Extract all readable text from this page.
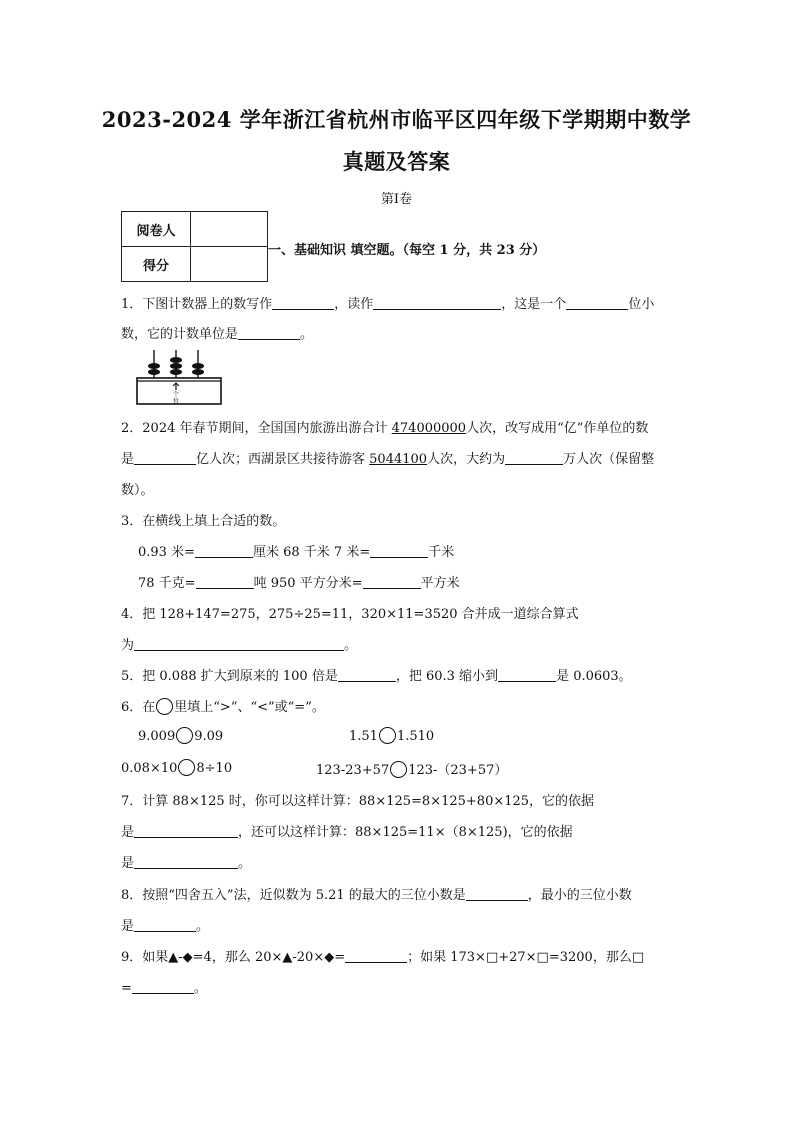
2023-2024 学年浙江省杭州市临平区四年级下学期期中数学
真题及答案
第Ⅰ卷
阅卷人	
得分	
一、基础知识 填空题。（每空 1 分，共 23 分）
1．下图计数器上的数写作	，读作	，这是一个	位小
数，它的计数单位是	。
个
位
2．2024 年春节期间，全国国内旅游出游合计 474000000人次，改写成用“亿”作单位的数
是	亿人次；西湖景区共接待游客 5044100人次，大约为	万人次（保留整
数）。
3．在横线上填上合适的数。
0.93 米=	厘米 68 千米 7 米=	千米
78 千克=	吨 950 平方分米=	平方米
4．把 128+147=275，275÷25=11，320×11=3520 合并成一道综合算式
为	。
5．把 0.088 扩大到原来的 100 倍是	，把 60.3 缩小到	是 0.0603。
6．在 里填上“>”、“<”或“=”。
9.009 9.09	1.51 1.510
0.08×10 8÷10	123-23+57 123-（23+57）
7．计算 88×125 时，你可以这样计算：88×125=8×125+80×125，它的依据
是	，还可以这样计算：88×125=11×（8×125)，它的依据
是	。
8．按照“四舍五入”法，近似数为 5.21 的最大的三位小数是	，最小的三位小数
是	。
9．如果▲-◆=4，那么 20×▲-20×◆=	；如果 173×□+27×□=3200，那么□
=	。
